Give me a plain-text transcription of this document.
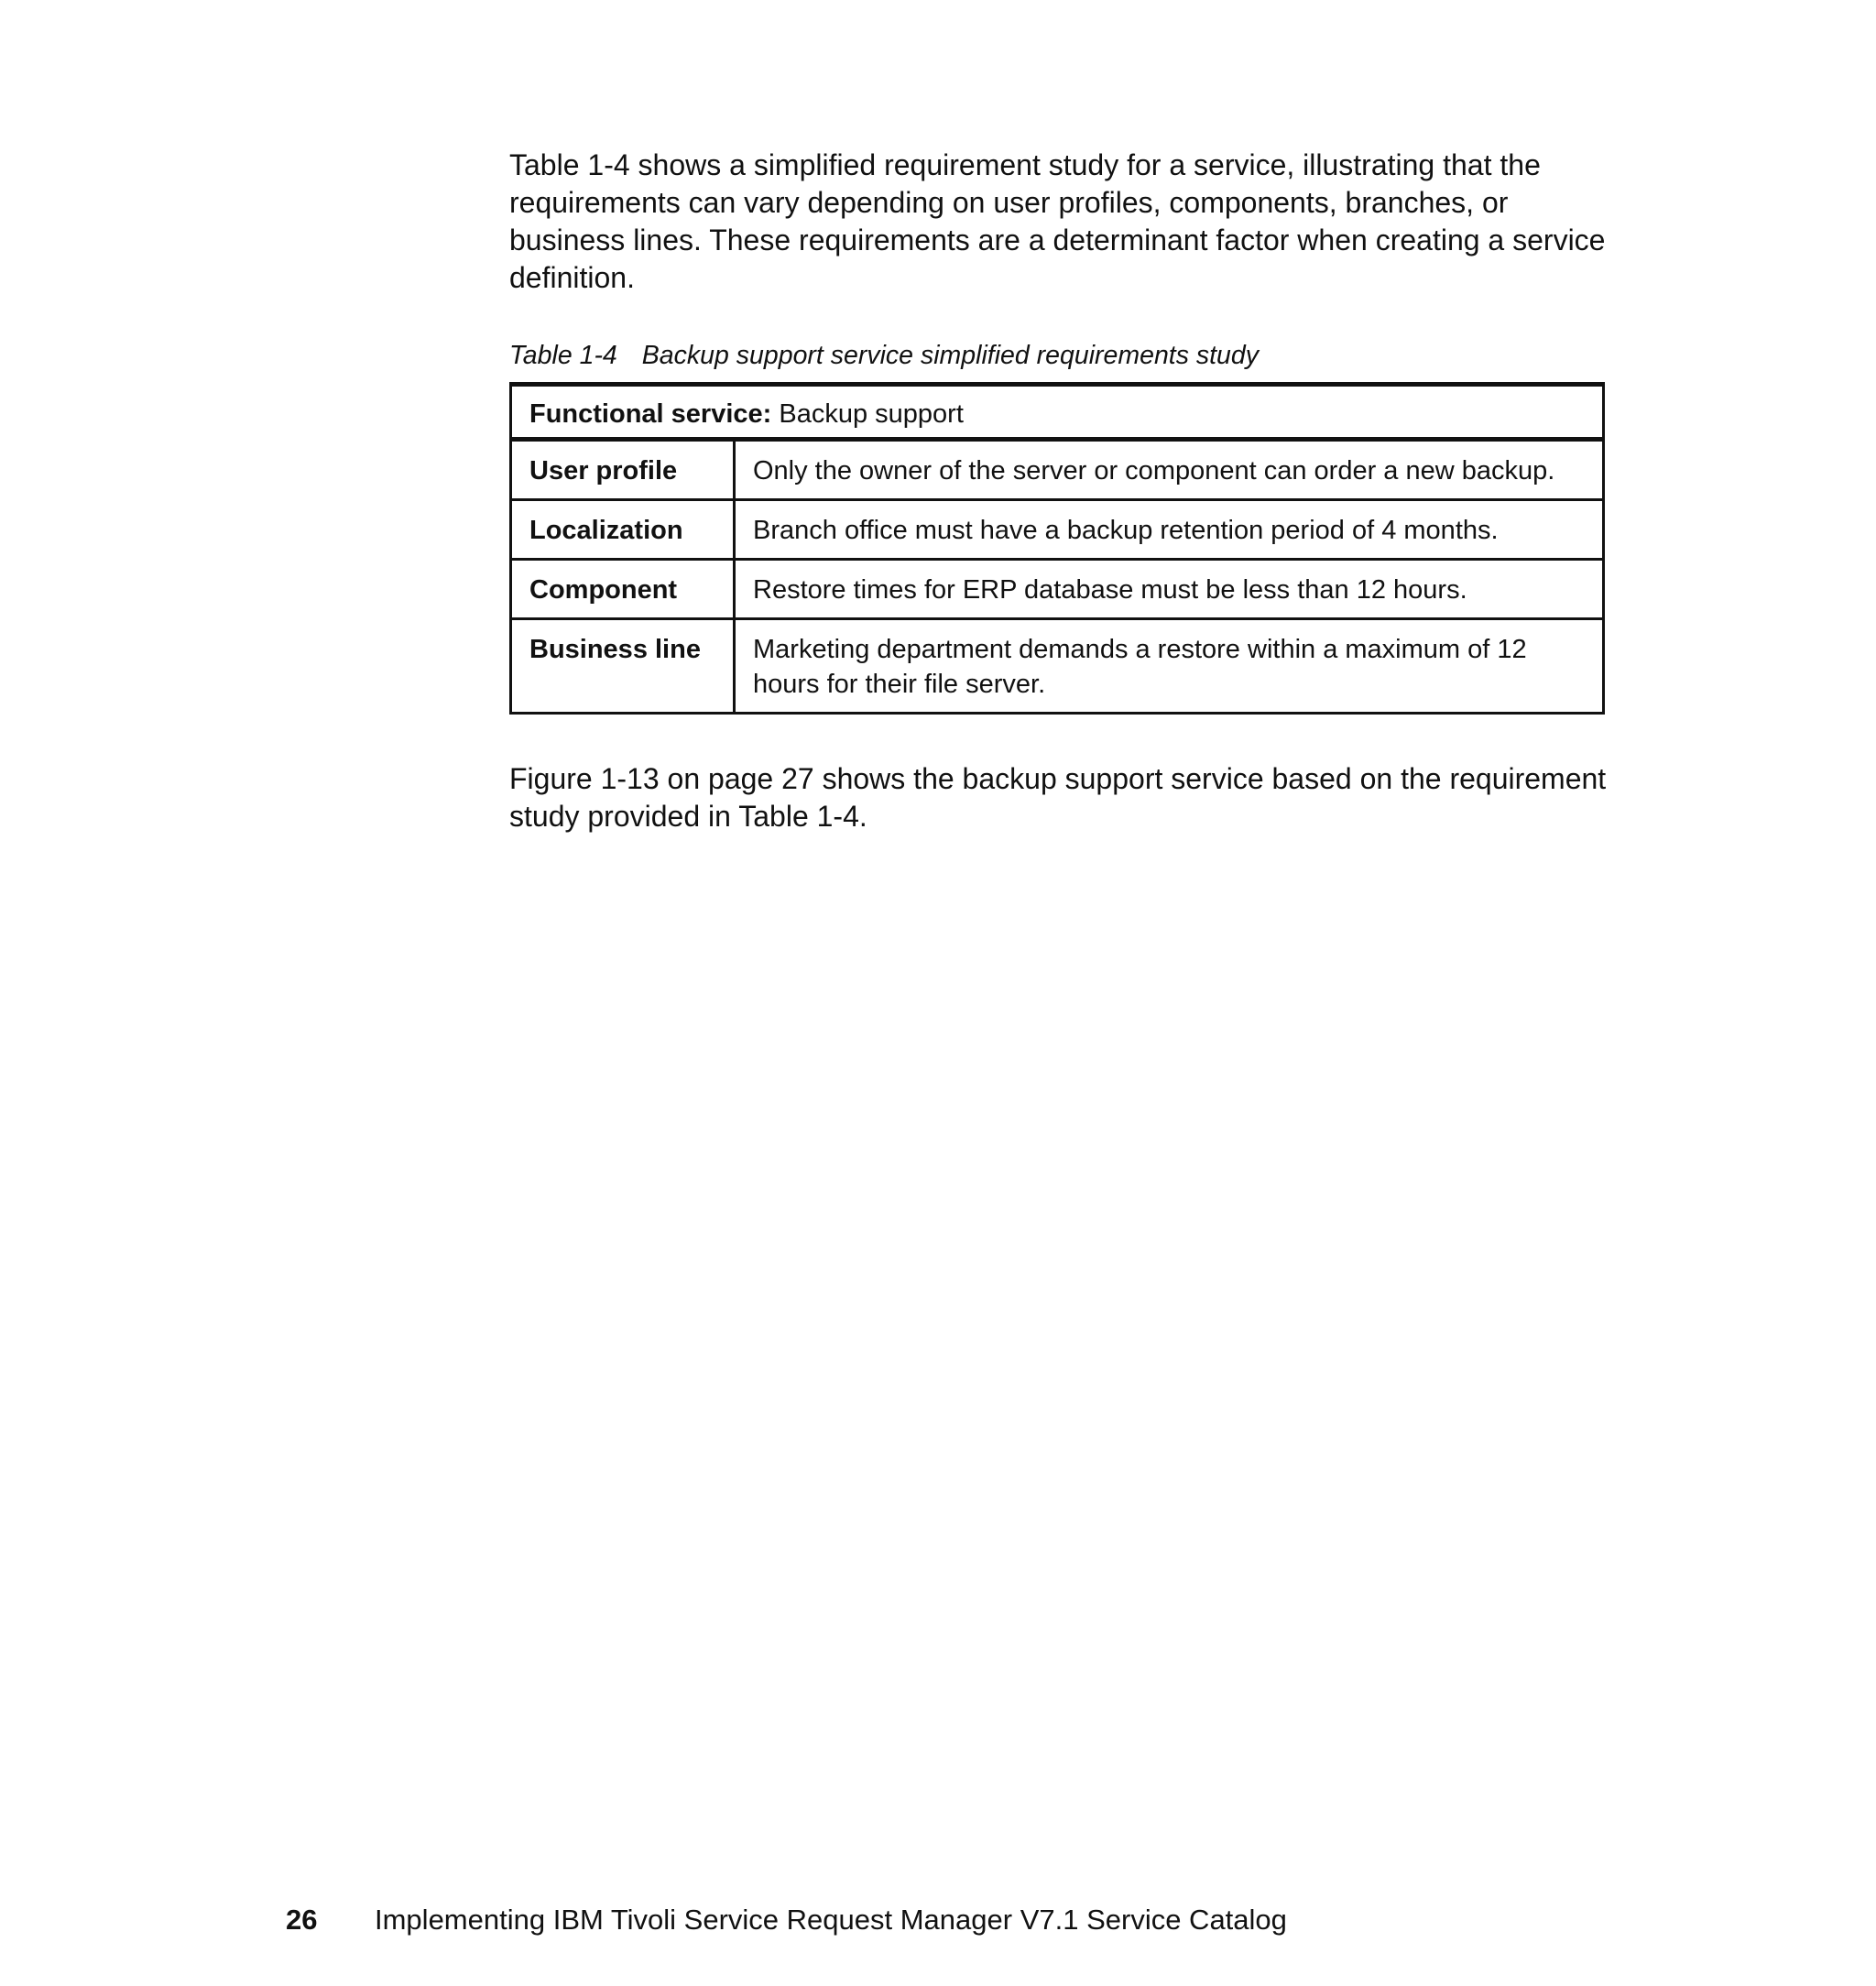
Table 1-4 shows a simplified requirement study for a service, illustrating that the requirements can vary depending on user profiles, components, branches, or business lines. These requirements are a determinant factor when creating a service definition.

Table 1-4 Backup support service simplified requirements study

Functional service: Backup support	
User profile	Only the owner of the server or component can order a new backup.
Localization	Branch office must have a backup retention period of 4 months.
Component	Restore times for ERP database must be less than 12 hours.
Business line	Marketing department demands a restore within a maximum of 12 hours for their file server.

Figure 1-13 on page 27 shows the backup support service based on the requirement study provided in Table 1-4.

26 Implementing IBM Tivoli Service Request Manager V7.1 Service Catalog
